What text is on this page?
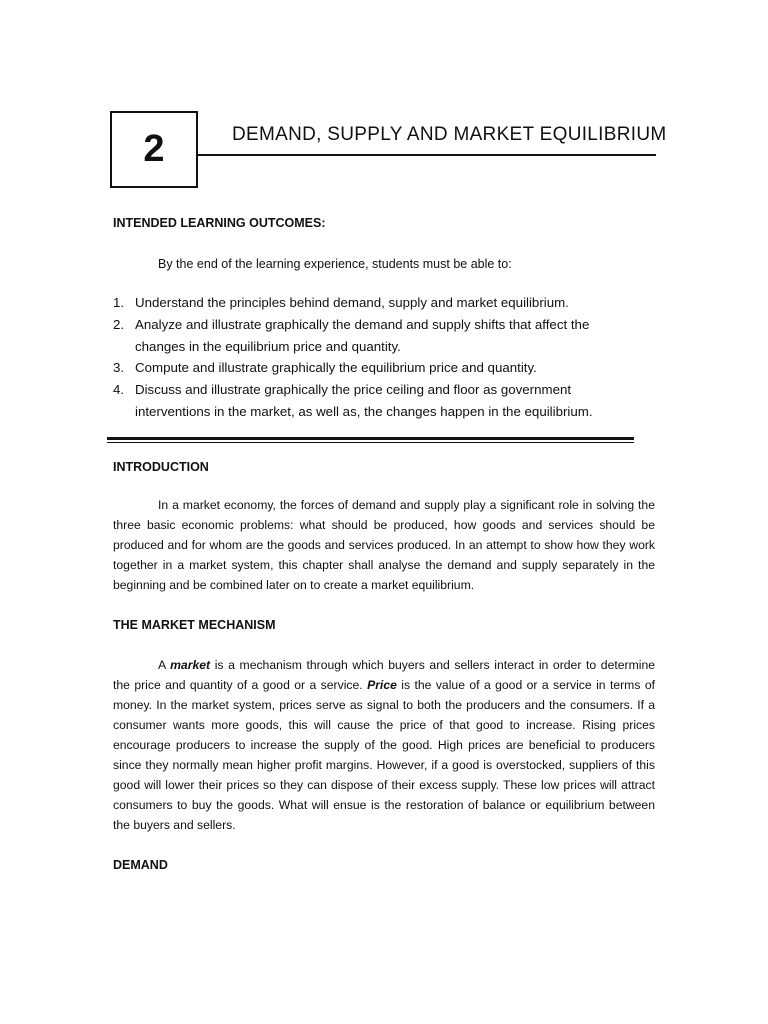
2	DEMAND, SUPPLY AND MARKET EQUILIBRIUM
INTENDED LEARNING OUTCOMES:
By the end of the learning experience, students must be able to:
1. Understand the principles behind demand, supply and market equilibrium.
2. Analyze and illustrate graphically the demand and supply shifts that affect the changes in the equilibrium price and quantity.
3. Compute and illustrate graphically the equilibrium price and quantity.
4. Discuss and illustrate graphically the price ceiling and floor as government interventions in the market, as well as, the changes happen in the equilibrium.
INTRODUCTION

In a market economy, the forces of demand and supply play a significant role in solving the three basic economic problems: what should be produced, how goods and services should be produced and for whom are the goods and services produced. In an attempt to show how they work together in a market system, this chapter shall analyse the demand and supply separately in the beginning and be combined later on to create a market equilibrium.

THE MARKET MECHANISM

A market is a mechanism through which buyers and sellers interact in order to determine the price and quantity of a good or a service. Price is the value of a good or a service in terms of money. In the market system, prices serve as signal to both the producers and the consumers. If a consumer wants more goods, this will cause the price of that good to increase. Rising prices encourage producers to increase the supply of the good. High prices are beneficial to producers since they normally mean higher profit margins. However, if a good is overstocked, suppliers of this good will lower their prices so they can dispose of their excess supply. These low prices will attract consumers to buy the goods. What will ensue is the restoration of balance or equilibrium between the buyers and sellers.

DEMAND
